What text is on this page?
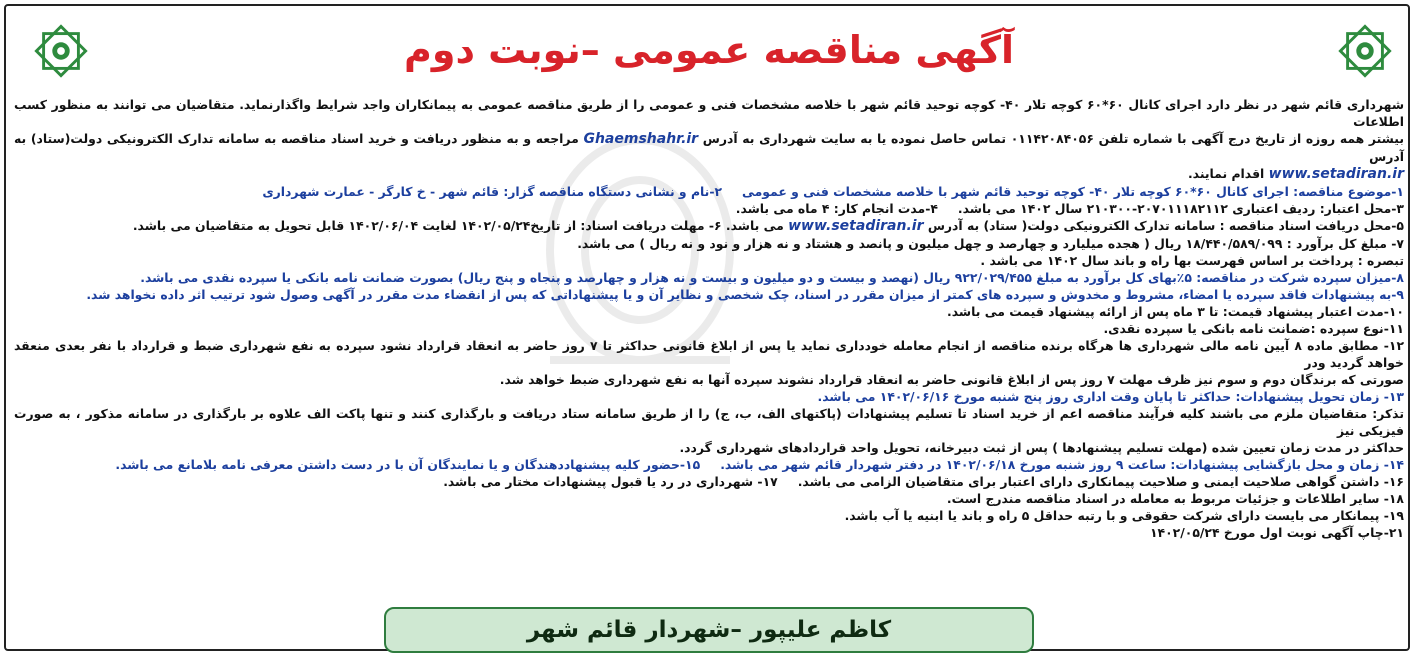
آگهی مناقصه عمومی –نوبت دوم

شهرداری قائم شهر در نظر دارد اجرای کانال ۶۰*۶۰ کوچه تلار ۴۰- کوچه توحید قائم شهر با خلاصه مشخصات فنی و عمومی را از طریق مناقصه عمومی به پیمانکاران واجد شرایط واگذارنماید. متقاضیان می توانند به منظور کسب اطلاعات

بیشتر همه روزه از تاریخ درج آگهی با شماره تلفن ۰۱۱۴۲۰۸۴۰۵۶ تماس حاصل نموده یا به سایت شهرداری به آدرس Ghaemshahr.ir مراجعه و به منظور دریافت و خرید اسناد مناقصه به سامانه تدارک الکترونیکی دولت(ستاد) به آدرس

www.setadiran.ir اقدام نمایند.

۱-موضوع مناقصه: اجرای کانال ۶۰*۶۰ کوچه تلار ۴۰- کوچه توحید قائم شهر با خلاصه مشخصات فنی و عمومی۲-نام و نشانی دستگاه مناقصه گزار: قائم شهر - خ کارگر - عمارت شهرداری

۳-محل اعتبار: ردیف اعتباری ۲۰۷۰۱۱۱۸۲۱۱۲-۲۱۰۳۰۰ سال ۱۴۰۲ می باشد.۴-مدت انجام کار: ۴ ماه می باشد.

۵-محل دریافت اسناد مناقصه : سامانه تدارک الکترونیکی دولت( ستاد) به آدرس www.setadiran.ir می باشد. ۶- مهلت دریافت اسناد: از تاریخ۱۴۰۲/۰۵/۲۴ لغایت ۱۴۰۲/۰۶/۰۴ قابل تحویل به متقاضیان می باشد.

۷- مبلغ کل برآورد : ۱۸/۴۴۰/۵۸۹/۰۹۹ ریال ( هجده میلیارد و چهارصد و چهل میلیون و پانصد و هشتاد و نه هزار و نود و نه ریال ) می باشد.

تبصره : پرداخت بر اساس فهرست بها راه و باند سال ۱۴۰۲ می باشد .

۸-میزان سپرده شرکت در مناقصه: ۵٪بهای کل برآورد به مبلغ ۹۲۲/۰۲۹/۴۵۵ ریال (نهصد و بیست و دو میلیون و بیست و نه هزار و چهارصد و پنجاه و پنج ریال) بصورت ضمانت نامه بانکی یا سپرده نقدی می باشد.

۹-به پیشنهادات فاقد سپرده یا امضاء، مشروط و مخدوش و سپرده های کمتر از میزان مقرر در اسناد، چک شخصی و نظایر آن و یا پیشنهاداتی که پس از انقضاء مدت مقرر در آگهی وصول شود ترتیب اثر داده نخواهد شد.

۱۰-مدت اعتبار پیشنهاد قیمت: تا ۳ ماه پس از ارائه پیشنهاد قیمت می باشد.

۱۱-نوع سپرده :ضمانت نامه بانکی یا سپرده نقدی.

۱۲- مطابق ماده ۸ آیین نامه مالی شهرداری ها هرگاه برنده مناقصه از انجام معامله خودداری نماید یا پس از ابلاغ قانونی حداکثر تا ۷ روز حاضر به انعقاد قرارداد نشود سپرده به نفع شهرداری ضبط و قرارداد با نفر بعدی منعقد خواهد گردید ودر

صورتی که برندگان دوم و سوم نیز ظرف مهلت ۷ روز پس از ابلاغ قانونی حاضر به انعقاد قرارداد نشوند سپرده آنها به نفع شهرداری ضبط خواهد شد.

۱۳- زمان تحویل پیشنهادات: حداکثر تا پایان وقت اداری روز پنج شنبه مورخ ۱۴۰۲/۰۶/۱۶ می باشد.

تذکر: متقاضیان ملزم می باشند کلیه فرآیند مناقصه اعم از خرید اسناد تا تسلیم پیشنهادات (پاکتهای الف، ب، ج) را از طریق سامانه ستاد دریافت و بارگذاری کنند و تنها پاکت الف علاوه بر بارگذاری در سامانه مذکور ، به صورت فیزیکی نیز

حداکثر در مدت زمان تعیین شده (مهلت تسلیم پیشنهادها ) پس از ثبت دبیرخانه، تحویل واحد قراردادهای شهرداری گردد.

۱۴- زمان و محل بازگشایی پیشنهادات: ساعت ۹ روز شنبه مورخ ۱۴۰۲/۰۶/۱۸ در دفتر شهردار قائم شهر می باشد.۱۵-حضور کلیه پیشنهاددهندگان و یا نمایندگان آن با در دست داشتن معرفی نامه بلامانع می باشد.

۱۶- داشتن گواهی صلاحیت ایمنی و صلاحیت پیمانکاری دارای اعتبار برای متقاضیان الزامی می باشد.۱۷- شهرداری در رد یا قبول پیشنهادات مختار می باشد.

۱۸- سایر اطلاعات و جزئیات مربوط به معامله در اسناد مناقصه مندرج است.

۱۹- پیمانکار می بایست دارای شرکت حقوقی و با رتبه حداقل ۵ راه و باند یا ابنیه یا آب باشد.

۲۱-چاپ آگهی نوبت اول مورخ ۱۴۰۲/۰۵/۲۴

کاظم علیپور –شهردار قائم شهر
